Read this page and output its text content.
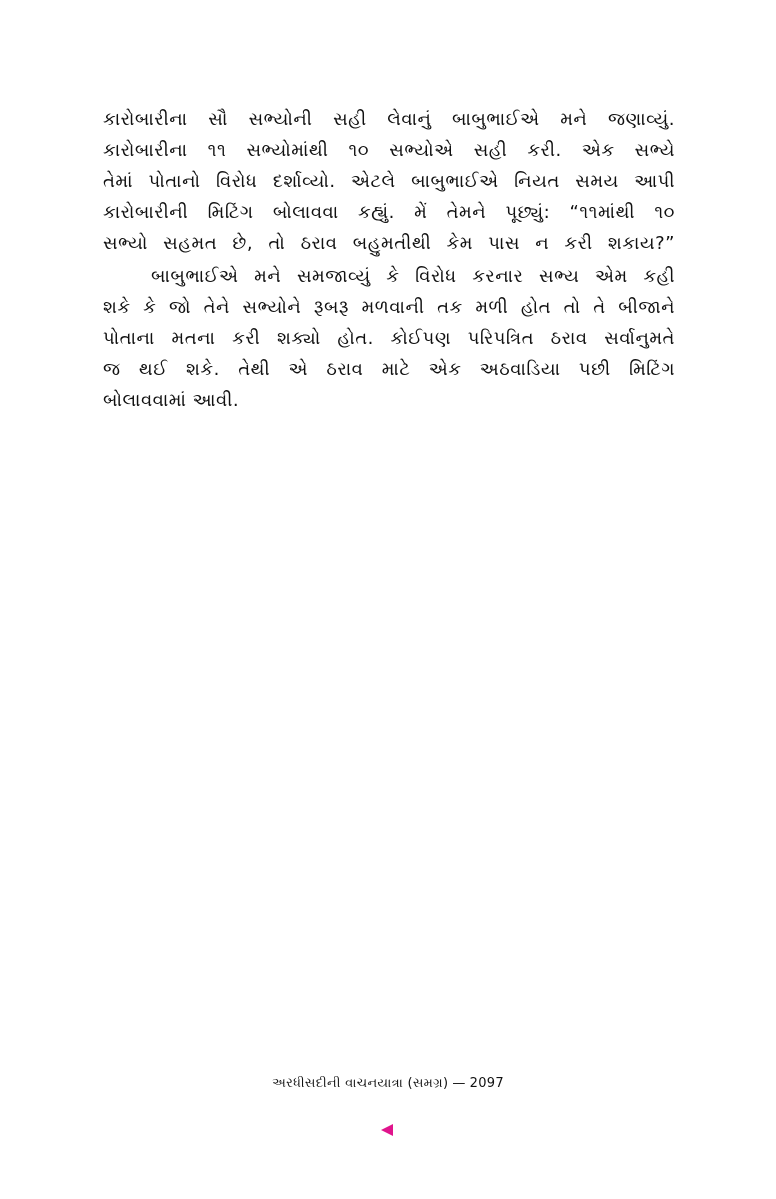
કારોબારીના સૌ સભ્યોની સહી લેવાનું બાબુભાઈએ મને જણાવ્યું.
કારોબારીના ૧૧ સભ્યોમાંથી ૧૦ સભ્યોએ સહી કરી. એક સભ્યે
તેમાં પોતાનો વિરોધ દર્શાવ્યો. એટલે બાબુભાઈએ નિયત સમય આપી
કારોબારીની મિટિંગ બોલાવવા કહ્યું. મેં તેમને પૂછ્યું: “૧૧માંથી ૧૦
સભ્યો સહમત છે, તો ઠરાવ બહુમતીથી કેમ પાસ ન કરી શકાય?”

બાબુભાઈએ મને સમજાવ્યું કે વિરોધ કરનાર સભ્ય એમ કહી
શકે કે જો તેને સભ્યોને રૂબરૂ મળવાની તક મળી હોત તો તે બીજાને
પોતાના મતના કરી શક્યો હોત. કોઈપણ પરિપત્રિત ઠરાવ સર્વાનુમતે
જ થઈ શકે. તેથી એ ઠરાવ માટે એક અઠવાડિયા પછી મિટિંગ
બોલાવવામાં આવી.

અરધીસદીની વાચનયાત્રા (સમગ્ર) — 2097
